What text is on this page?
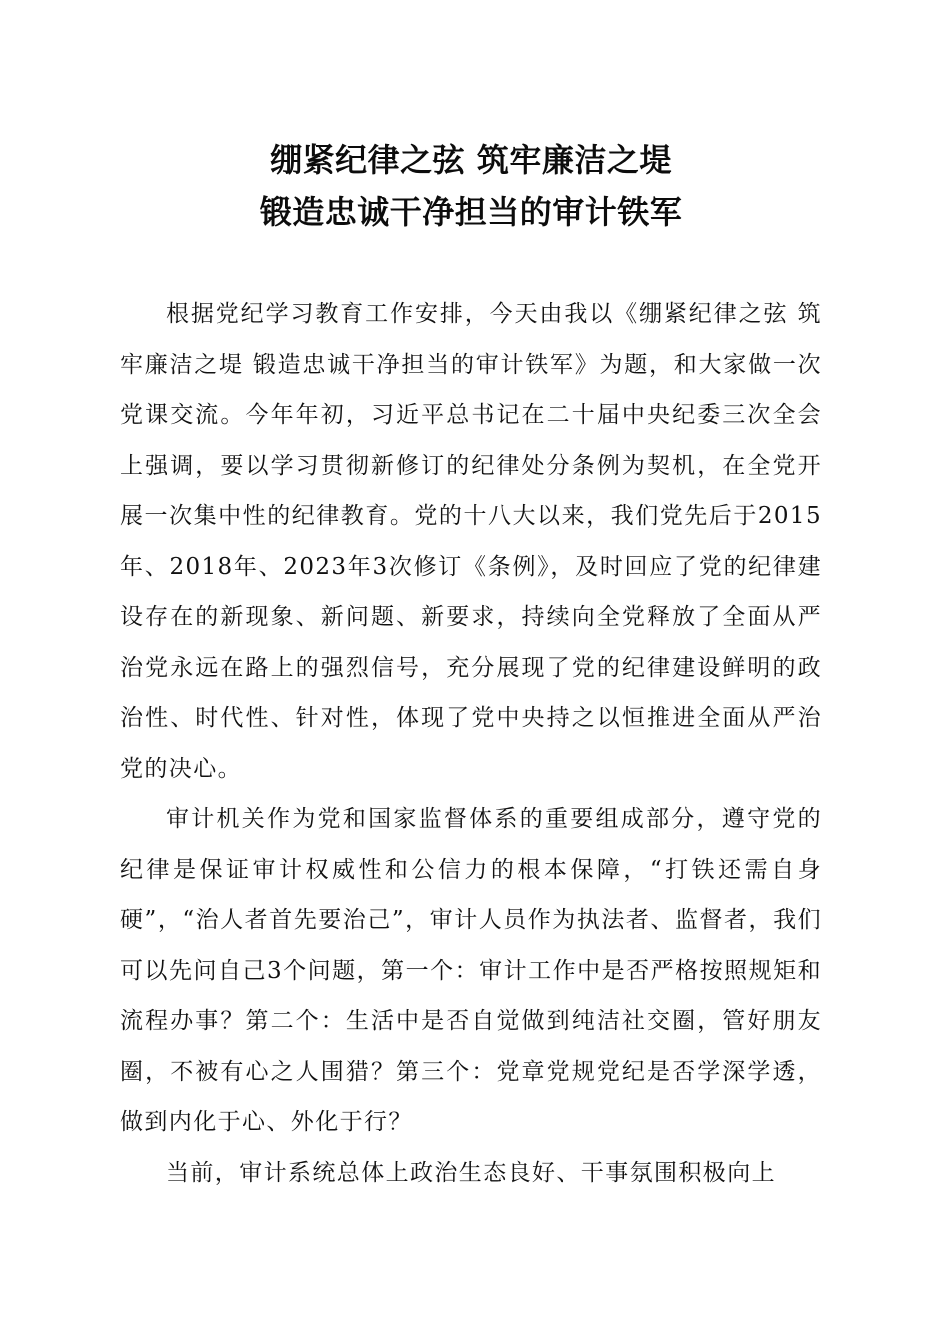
绷紧纪律之弦 筑牢廉洁之堤
锻造忠诚干净担当的审计铁军

根据党纪学习教育工作安排，今天由我以《绷紧纪律之弦 筑牢廉洁之堤 锻造忠诚干净担当的审计铁军》为题，和大家做一次党课交流。今年年初，习近平总书记在二十届中央纪委三次全会上强调，要以学习贯彻新修订的纪律处分条例为契机，在全党开展一次集中性的纪律教育。党的十八大以来，我们党先后于2015年、2018年、2023年3次修订《条例》，及时回应了党的纪律建设存在的新现象、新问题、新要求，持续向全党释放了全面从严治党永远在路上的强烈信号，充分展现了党的纪律建设鲜明的政治性、时代性、针对性，体现了党中央持之以恒推进全面从严治党的决心。

审计机关作为党和国家监督体系的重要组成部分，遵守党的纪律是保证审计权威性和公信力的根本保障，“打铁还需自身硬”，“治人者首先要治己”，审计人员作为执法者、监督者，我们可以先问自己3个问题，第一个：审计工作中是否严格按照规矩和流程办事？第二个：生活中是否自觉做到纯洁社交圈，管好朋友圈，不被有心之人围猎？第三个：党章党规党纪是否学深学透，做到内化于心、外化于行？

当前，审计系统总体上政治生态良好、干事氛围积极向上
